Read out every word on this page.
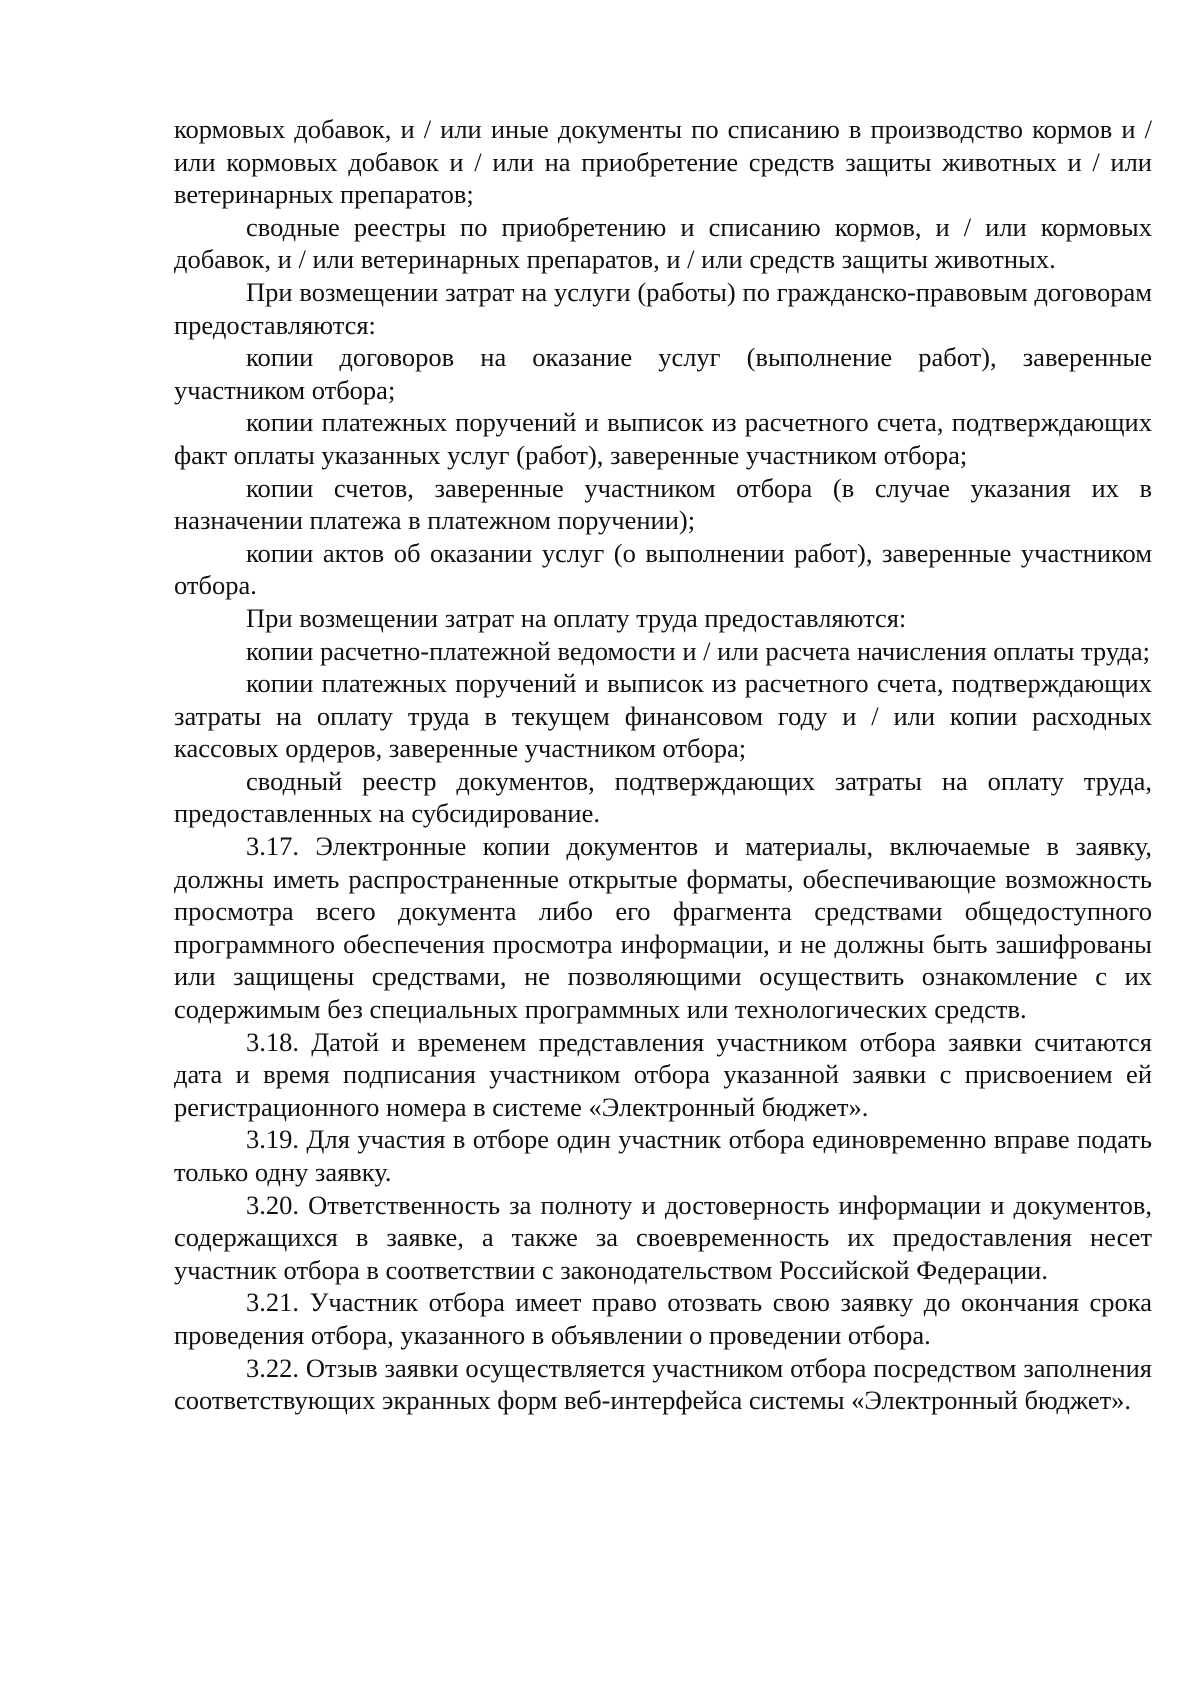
кормовых добавок, и / или иные документы по списанию в производство кормов и / или кормовых добавок и / или на приобретение средств защиты животных и / или ветеринарных препаратов;

сводные реестры по приобретению и списанию кормов, и / или кормовых добавок, и / или ветеринарных препаратов, и / или средств защиты животных.

При возмещении затрат на услуги (работы) по гражданско-правовым договорам предоставляются:

копии договоров на оказание услуг (выполнение работ), заверенные участником отбора;

копии платежных поручений и выписок из расчетного счета, подтверждающих факт оплаты указанных услуг (работ), заверенные участником отбора;

копии счетов, заверенные участником отбора (в случае указания их в назначении платежа в платежном поручении);

копии актов об оказании услуг (о выполнении работ), заверенные участником отбора.

При возмещении затрат на оплату труда предоставляются:

копии расчетно-платежной ведомости и / или расчета начисления оплаты труда;

копии платежных поручений и выписок из расчетного счета, подтверждающих затраты на оплату труда в текущем финансовом году и / или копии расходных кассовых ордеров, заверенные участником отбора;

сводный реестр документов, подтверждающих затраты на оплату труда, предоставленных на субсидирование.

3.17. Электронные копии документов и материалы, включаемые в заявку, должны иметь распространенные открытые форматы, обеспечивающие возможность просмотра всего документа либо его фрагмента средствами общедоступного программного обеспечения просмотра информации, и не должны быть зашифрованы или защищены средствами, не позволяющими осуществить ознакомление с их содержимым без специальных программных или технологических средств.

3.18. Датой и временем представления участником отбора заявки считаются дата и время подписания участником отбора указанной заявки с присвоением ей регистрационного номера в системе «Электронный бюджет».

3.19. Для участия в отборе один участник отбора единовременно вправе подать только одну заявку.

3.20. Ответственность за полноту и достоверность информации и документов, содержащихся в заявке, а также за своевременность их предоставления несет участник отбора в соответствии с законодательством Российской Федерации.

3.21. Участник отбора имеет право отозвать свою заявку до окончания срока проведения отбора, указанного в объявлении о проведении отбора.

3.22. Отзыв заявки осуществляется участником отбора посредством заполнения соответствующих экранных форм веб-интерфейса системы «Электронный бюджет».
